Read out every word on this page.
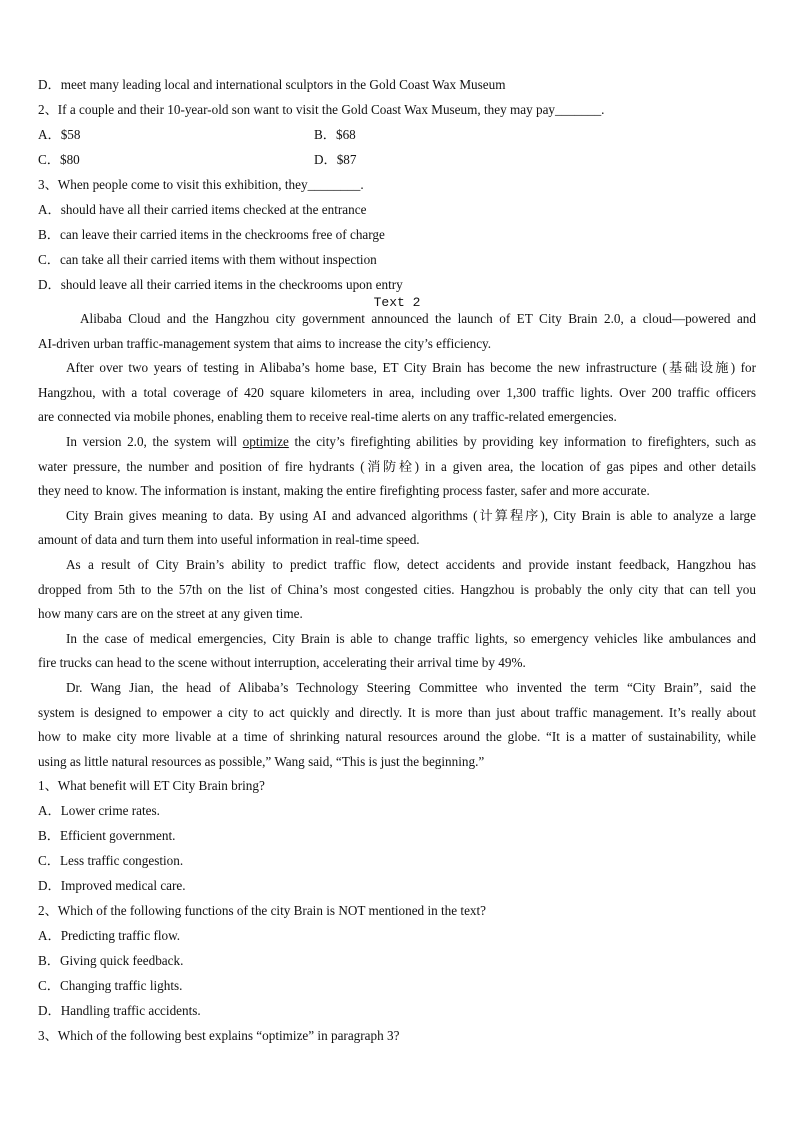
D．meet many leading local and international sculptors in the Gold Coast Wax Museum
2、If a couple and their 10-year-old son want to visit the Gold Coast Wax Museum, they may pay_______.
A．$58	B．$68
C．$80	D．$87
3、When people come to visit this exhibition, they________.
A．should have all their carried items checked at the entrance
B．can leave their carried items in the checkrooms free of charge
C．can take all their carried items with them without inspection
D．should leave all their carried items in the checkrooms upon entry
Text 2
Alibaba Cloud and the Hangzhou city government announced the launch of ET City Brain 2.0, a cloud—powered and
AI-driven urban traffic-management system that aims to increase the city’s efficiency.
After over two years of testing in Alibaba’s home base, ET City Brain has become the new infrastructure (基础设施) for
Hangzhou, with a total coverage of 420 square kilometers in area, including over 1,300 traffic lights. Over 200 traffic officers
are connected via mobile phones, enabling them to receive real-time alerts on any traffic-related emergencies.
In version 2.0, the system will optimize the city’s firefighting abilities by providing key information to firefighters, such as
water pressure, the number and position of fire hydrants (消防栓) in a given area, the location of gas pipes and other details
they need to know. The information is instant, making the entire firefighting process faster, safer and more accurate.
City Brain gives meaning to data. By using AI and advanced algorithms (计算程序), City Brain is able to analyze a large
amount of data and turn them into useful information in real-time speed.
As a result of City Brain’s ability to predict traffic flow, detect accidents and provide instant feedback, Hangzhou has
dropped from 5th to the 57th on the list of China’s most congested cities. Hangzhou is probably the only city that can tell you
how many cars are on the street at any given time.
In the case of medical emergencies, City Brain is able to change traffic lights, so emergency vehicles like ambulances and
fire trucks can head to the scene without interruption, accelerating their arrival time by 49%.
Dr. Wang Jian, the head of Alibaba’s Technology Steering Committee who invented the term “City Brain”, said the
system is designed to empower a city to act quickly and directly. It is more than just about traffic management. It’s really about
how to make city more livable at a time of shrinking natural resources around the globe. “It is a matter of sustainability, while
using as little natural resources as possible,” Wang said, “This is just the beginning.”
1、What benefit will ET City Brain bring?
A．Lower crime rates.
B．Efficient government.
C．Less traffic congestion.
D．Improved medical care.
2、Which of the following functions of the city Brain is NOT mentioned in the text?
A．Predicting traffic flow.
B．Giving quick feedback.
C．Changing traffic lights.
D．Handling traffic accidents.
3、Which of the following best explains “optimize” in paragraph 3?
